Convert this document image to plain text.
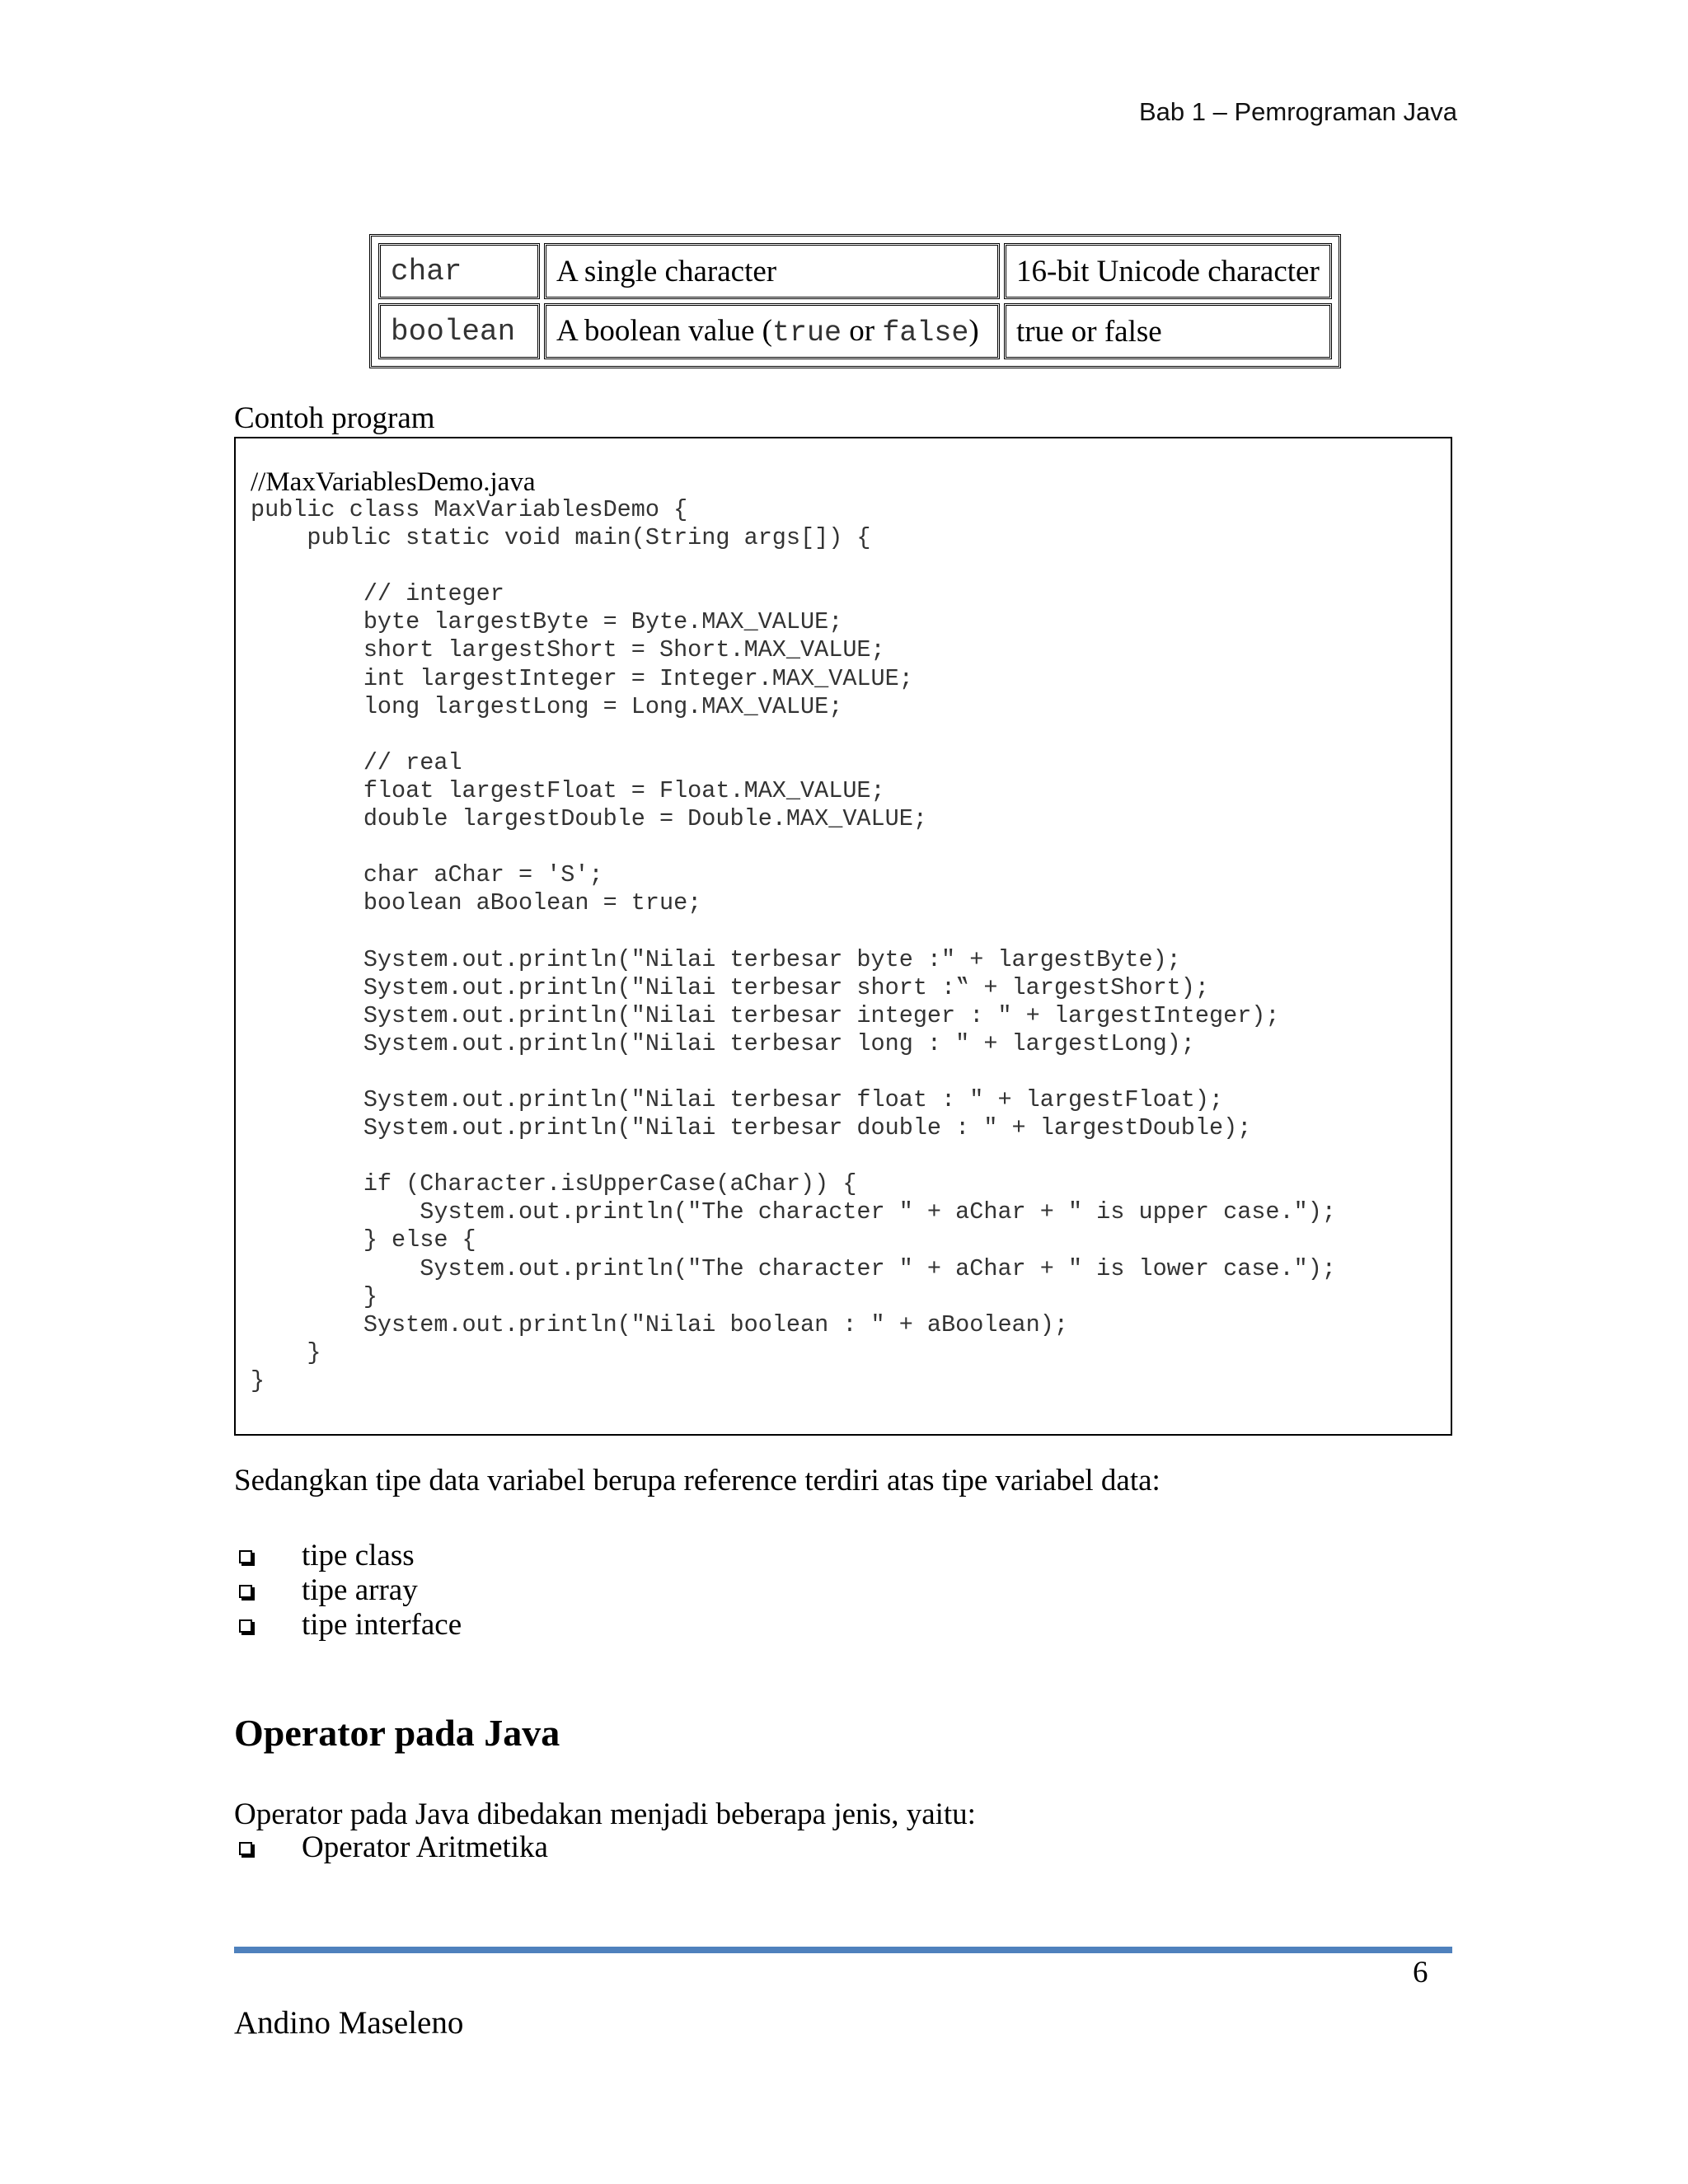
Bab 1 – Pemrograman Java
char	A single character	16-bit Unicode character
boolean	A boolean value (true or false)	true or false
Contoh program
//MaxVariablesDemo.java
public class MaxVariablesDemo {
public static void main(String args[]) {

// integer
byte largestByte = Byte.MAX_VALUE;
short largestShort = Short.MAX_VALUE;
int largestInteger = Integer.MAX_VALUE;
long largestLong = Long.MAX_VALUE;

// real
float largestFloat = Float.MAX_VALUE;
double largestDouble = Double.MAX_VALUE;

char aChar = 'S';
boolean aBoolean = true;

System.out.println("Nilai terbesar byte :" + largestByte);
System.out.println("Nilai terbesar short :‟ + largestShort);
System.out.println("Nilai terbesar integer : " + largestInteger);
System.out.println("Nilai terbesar long : " + largestLong);

System.out.println("Nilai terbesar float : " + largestFloat);
System.out.println("Nilai terbesar double : " + largestDouble);

if (Character.isUpperCase(aChar)) {
System.out.println("The character " + aChar + " is upper case.");
} else {
System.out.println("The character " + aChar + " is lower case.");
}
System.out.println("Nilai boolean : " + aBoolean);
}
}
Sedangkan tipe data variabel berupa reference terdiri atas tipe variabel data:
tipe class
tipe array
tipe interface
Operator pada Java
Operator pada Java dibedakan menjadi beberapa jenis, yaitu:
Operator Aritmetika
6
Andino Maseleno
